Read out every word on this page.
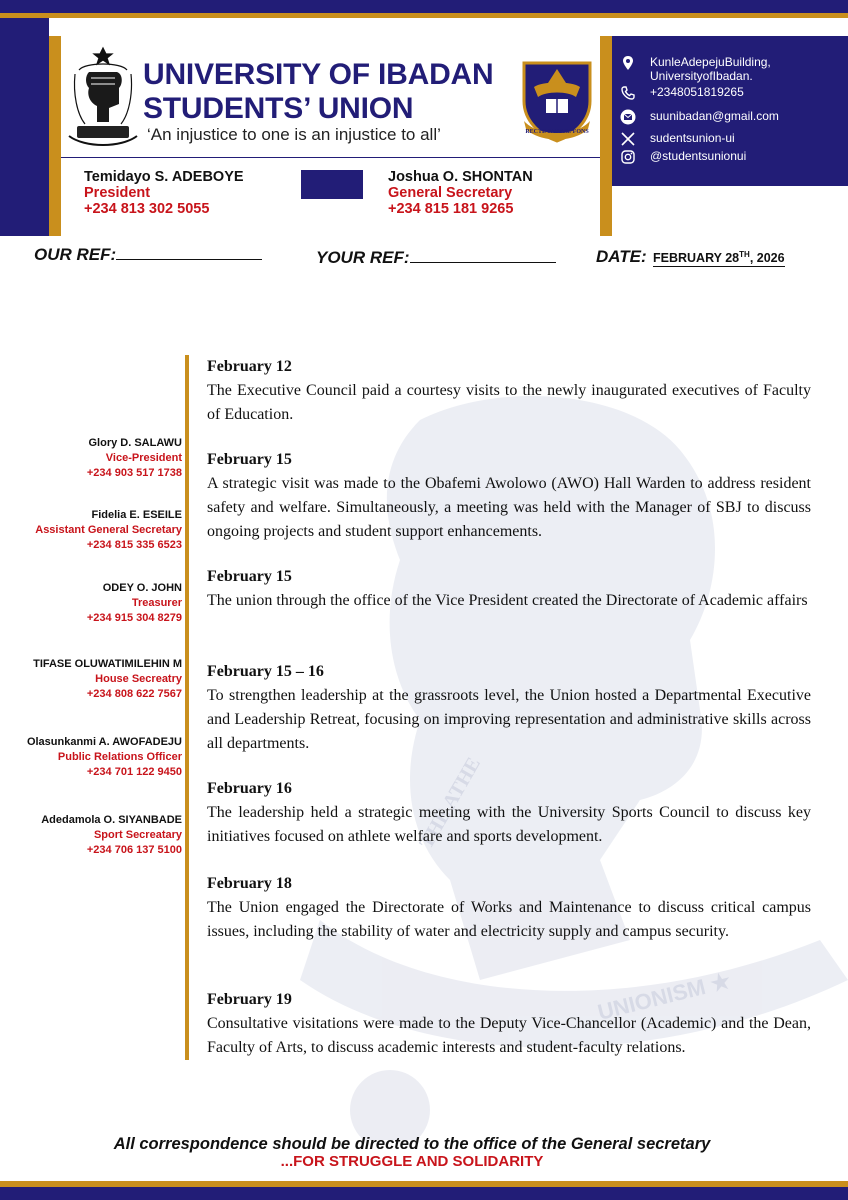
UNIONISM ★
THE ATHE
UNIVERSITY OF IBADAN
STUDENTS’ UNION
‘An injustice to one is an injustice to all’	RECTE SAPERE FONS
KunleAdepejuBuilding,
UniversityofIbadan.
+2348051819265
suunibadan@gmail.com
sudentsunion-ui
@studentsunionui
Temidayo S. ADEBOYE
President
+234 813 302 5055
Joshua O. SHONTAN
General Secretary
+234 815 181 9265
OUR REF:	YOUR REF:	DATE: FEBRUARY 28TH, 2026
Glory D. SALAWU
Vice-President
+234 903 517 1738
Fidelia E. ESEILE
Assistant General Secretary
+234 815 335 6523
ODEY O. JOHN
Treasurer
+234 915 304 8279
TIFASE OLUWATIMILEHIN M
House Secreatry
+234 808 622 7567
Olasunkanmi A. AWOFADEJU
Public Relations Officer
+234 701 122 9450
Adedamola O. SIYANBADE
Sport Secreatary
+234 706 137 5100
February 12
The Executive Council paid a courtesy visits to the newly inaugurated executives of Faculty of Education.
February 15
A strategic visit was made to the Obafemi Awolowo (AWO) Hall Warden to address resident safety and welfare. Simultaneously, a meeting was held with the Manager of SBJ to discuss ongoing projects and student support enhancements.
February 15
The union through the office of the Vice President created the Directorate of Academic affairs
February 15 – 16
To strengthen leadership at the grassroots level, the Union hosted a Departmental Executive and Leadership Retreat, focusing on improving representation and administrative skills across all departments.
February 16
The leadership held a strategic meeting with the University Sports Council to discuss key initiatives focused on athlete welfare and sports development.
February 18
The Union engaged the Directorate of Works and Maintenance to discuss critical campus issues, including the stability of water and electricity supply and campus security.
February 19
Consultative visitations were made to the Deputy Vice-Chancellor (Academic) and the Dean, Faculty of Arts, to discuss academic interests and student-faculty relations.
All correspondence should be directed to the office of the General secretary
...FOR STRUGGLE AND SOLIDARITY
